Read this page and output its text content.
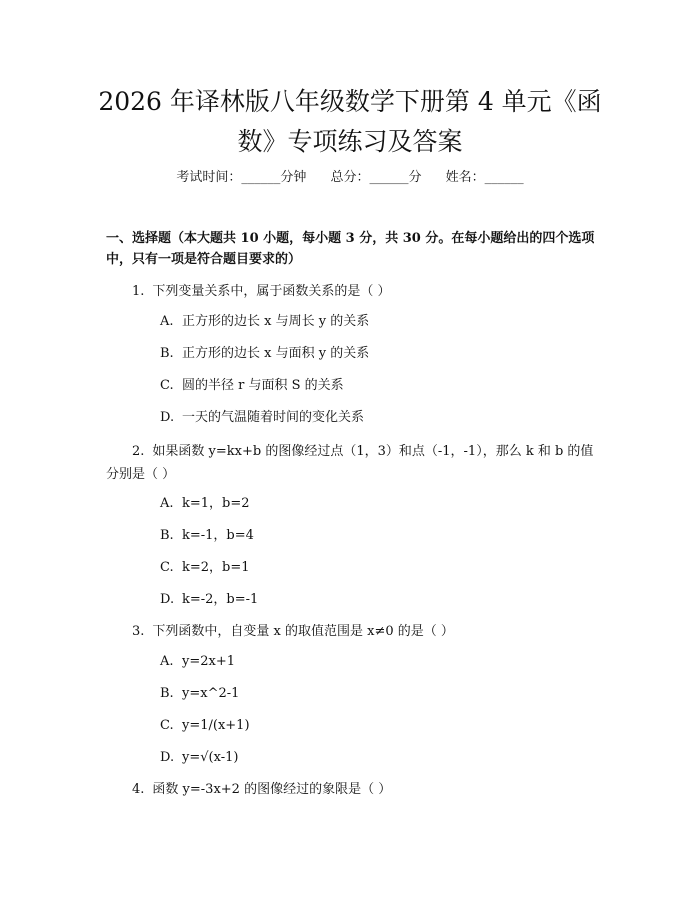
2026 年译林版八年级数学下册第 4 单元《函
数》专项练习及答案
考试时间：______分钟 总分：______分 姓名：______

一、选择题（本大题共 10 小题，每小题 3 分，共 30 分。在每小题给出的四个选项中，只有一项是符合题目要求的）

1. 下列变量关系中，属于函数关系的是（ ）

A. 正方形的边长 x 与周长 y 的关系

B. 正方形的边长 x 与面积 y 的关系

C. 圆的半径 r 与面积 S 的关系

D. 一天的气温随着时间的变化关系

2. 如果函数 y=kx+b 的图像经过点（1，3）和点（-1，-1），那么 k 和 b 的值

分别是（ ）

A. k=1，b=2

B. k=-1，b=4

C. k=2，b=1

D. k=-2，b=-1

3. 下列函数中，自变量 x 的取值范围是 x≠0 的是（ ）

A. y=2x+1

B. y=x^2-1

C. y=1/(x+1)

D. y=√(x-1)

4. 函数 y=-3x+2 的图像经过的象限是（ ）
